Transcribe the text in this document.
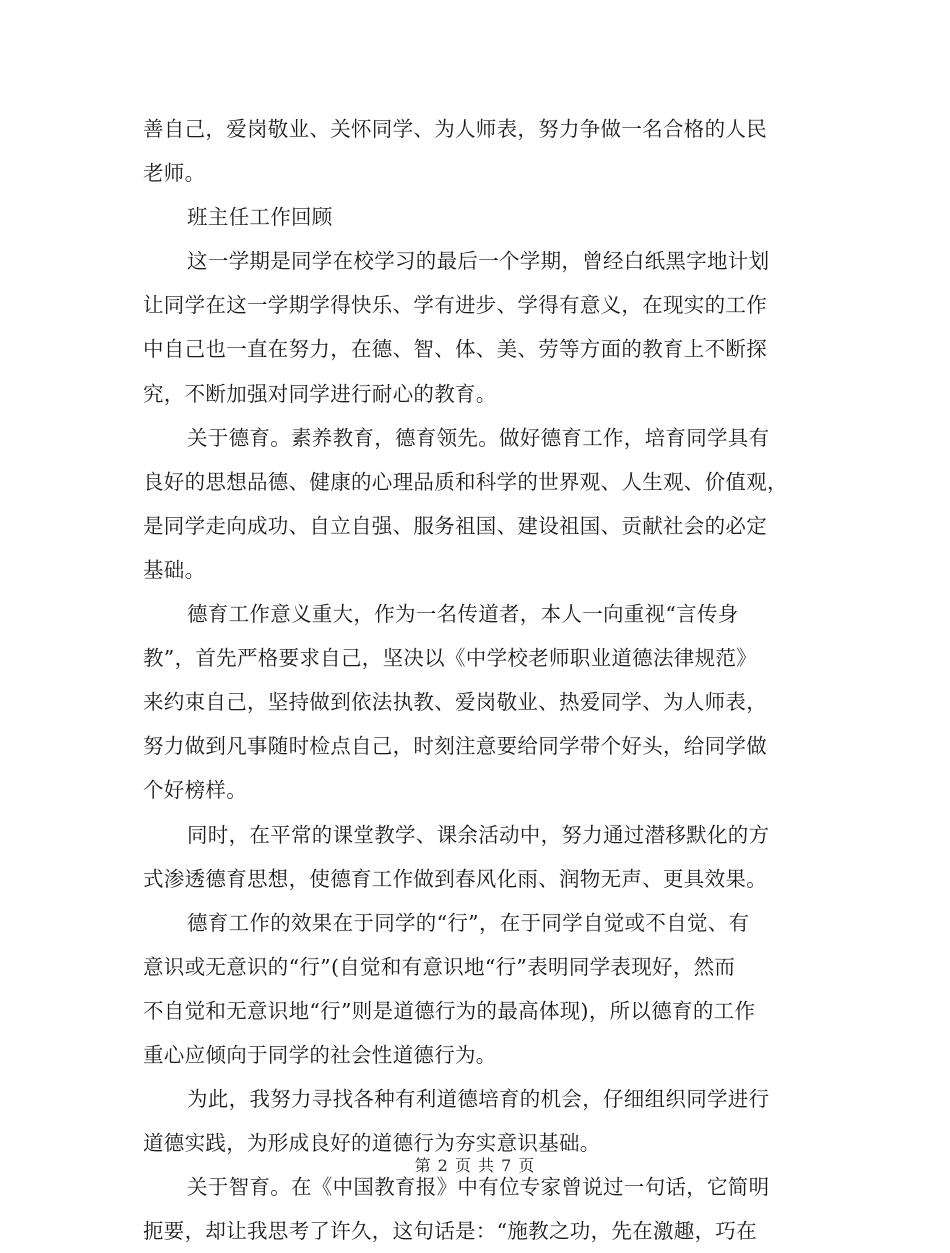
善自己，爱岗敬业、关怀同学、为人师表，努力争做一名合格的人民
老师。
班主任工作回顾
这一学期是同学在校学习的最后一个学期，曾经白纸黑字地计划
让同学在这一学期学得快乐、学有进步、学得有意义，在现实的工作
中自己也一直在努力，在德、智、体、美、劳等方面的教育上不断探
究，不断加强对同学进行耐心的教育。
关于德育。素养教育，德育领先。做好德育工作，培育同学具有
良好的思想品德、健康的心理品质和科学的世界观、人生观、价值观，
是同学走向成功、自立自强、服务祖国、建设祖国、贡献社会的必定
基础。
德育工作意义重大，作为一名传道者，本人一向重视“言传身
教”，首先严格要求自己，坚决以《中学校老师职业道德法律规范》
来约束自己，坚持做到依法执教、爱岗敬业、热爱同学、为人师表，
努力做到凡事随时检点自己，时刻注意要给同学带个好头，给同学做
个好榜样。
同时，在平常的课堂教学、课余活动中，努力通过潜移默化的方
式渗透德育思想，使德育工作做到春风化雨、润物无声、更具效果。
德育工作的效果在于同学的“行”，在于同学自觉或不自觉、有
意识或无意识的“行”(自觉和有意识地“行”表明同学表现好，然而
不自觉和无意识地“行”则是道德行为的最高体现)，所以德育的工作
重心应倾向于同学的社会性道德行为。
为此，我努力寻找各种有利道德培育的机会，仔细组织同学进行
道德实践，为形成良好的道德行为夯实意识基础。
关于智育。在《中国教育报》中有位专家曾说过一句话，它简明
扼要，却让我思考了许久，这句话是：“施教之功，先在激趣，巧在
第 2 页 共 7 页
